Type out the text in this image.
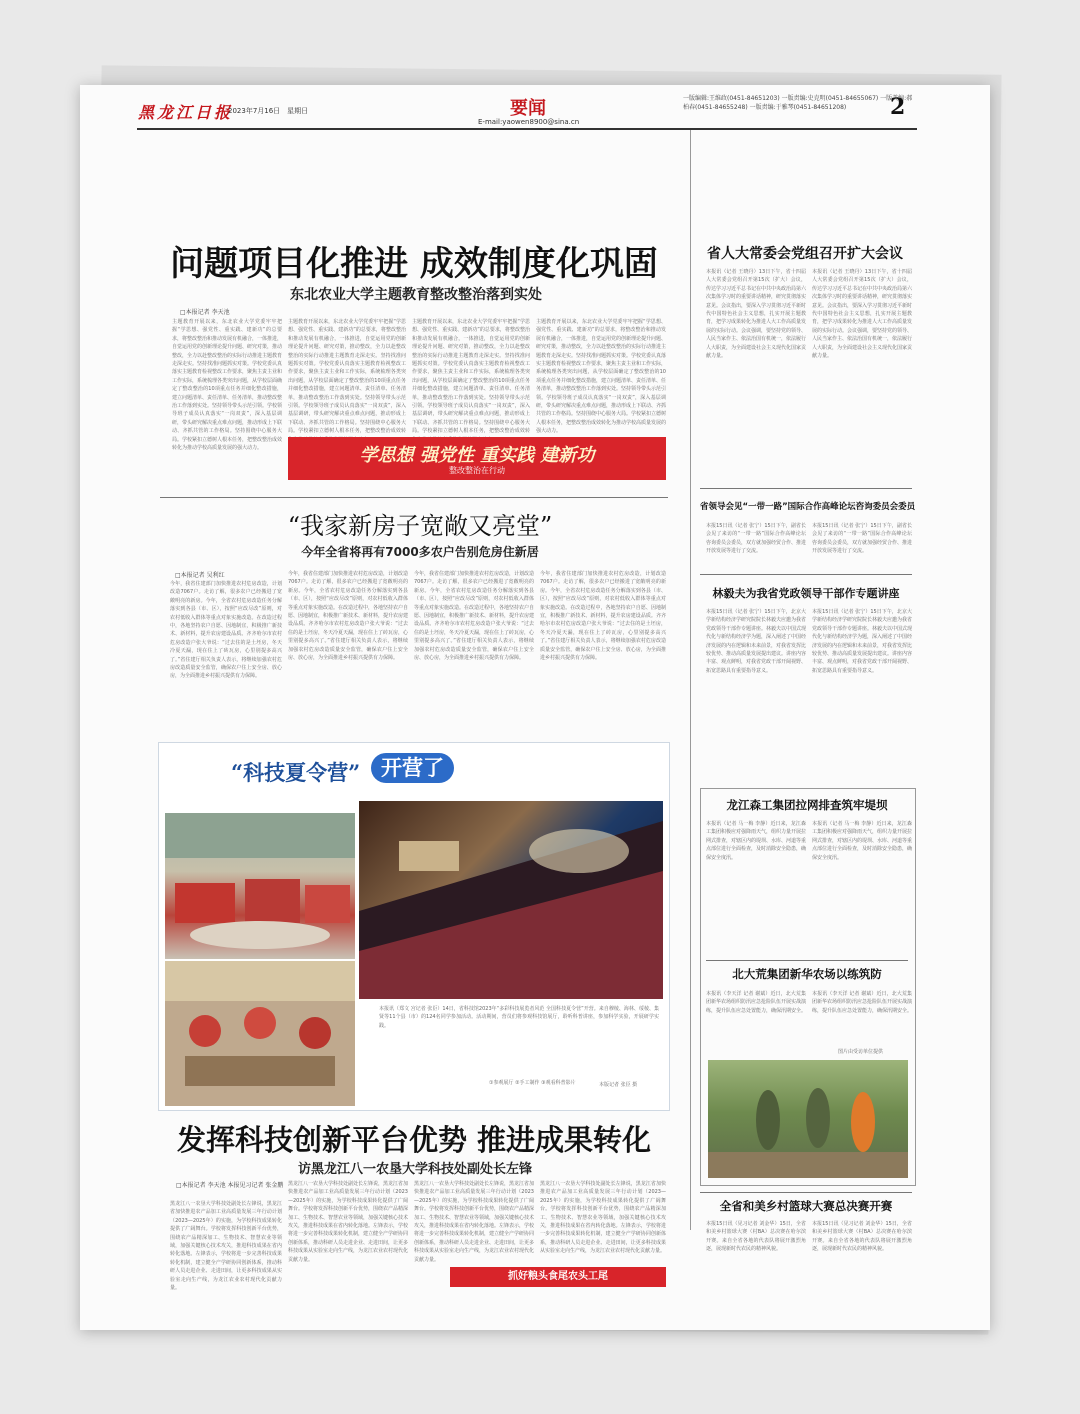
黑龙江日报
2023年7月16日　星期日	要闻
E-mail:yaowen8900@sina.cn
一版编辑:王维政(0451-84651203) 一版责编:史克明(0451-84655067) 一版美编:郝柏春(0451-84655248) 一版责编:于雅琴(0451-84651208)	2
问题项目化推进 成效制度化巩固
东北农业大学主题教育整改整治落到实处
□本报记者 李天池

主题教育开展以来，东北农业大学党委牢牢把握“学思想、强党性、重实践、建新功”的总要求，将整改整治和推动发展有机融合，一体推进，自觉运用党的创新理论提升问题、研究对策，推动整改，全力以赴整改整治的实际行动推进主题教育走深走实。坚持找准问题抓实对策。学校党委认真落实主题教育检视整改工作要求，聚焦主责主业和工作实际，系统梳理各类突出问题，从学校层面确定了整改整治的10项重点任务并细化整改措施，建立问题清单、责任清单、任务清单，推动整改整治工作落到实处。坚持领导带头示范引领。学校领导班子成员认真落实“一岗双责”，深入基层调研，带头研究解决重点难点问题，推动形成上下联动、齐抓共管的工作格局。坚持围绕中心服务大局。学校紧扣立德树人根本任务，把整改整治成效转化为推动学校高质量发展的强大动力。

主题教育开展以来，东北农业大学党委牢牢把握“学思想、强党性、重实践、建新功”的总要求，将整改整治和推动发展有机融合，一体推进，自觉运用党的创新理论提升问题、研究对策，推动整改，全力以赴整改整治的实际行动推进主题教育走深走实。坚持找准问题抓实对策。学校党委认真落实主题教育检视整改工作要求，聚焦主责主业和工作实际，系统梳理各类突出问题，从学校层面确定了整改整治的10项重点任务并细化整改措施，建立问题清单、责任清单、任务清单，推动整改整治工作落到实处。坚持领导带头示范引领。学校领导班子成员认真落实“一岗双责”，深入基层调研，带头研究解决重点难点问题，推动形成上下联动、齐抓共管的工作格局。坚持围绕中心服务大局。学校紧扣立德树人根本任务，把整改整治成效转

主题教育开展以来，东北农业大学党委牢牢把握“学思想、强党性、重实践、建新功”的总要求，将整改整治和推动发展有机融合，一体推进，自觉运用党的创新理论提升问题、研究对策，推动整改，全力以赴整改整治的实际行动推进主题教育走深走实。坚持找准问题抓实对策。学校党委认真落实主题教育检视整改工作要求，聚焦主责主业和工作实际，系统梳理各类突出问题，从学校层面确定了整改整治的10项重点任务并细化整改措施，建立问题清单、责任清单、任务清单，推动整改整治工作落到实处。坚持领导带头示范引领。学校领导班子成员认真落实“一岗双责”，深入基层调研，带头研究解决重点难点问题，推动形成上下联动、齐抓共管的工作格局。坚持围绕中心服务大局。学校紧扣立德树人根本任务，把整改整治成效转

主题教育开展以来，东北农业大学党委牢牢把握“学思想、强党性、重实践、建新功”的总要求，将整改整治和推动发展有机融合，一体推进，自觉运用党的创新理论提升问题、研究对策，推动整改，全力以赴整改整治的实际行动推进主题教育走深走实。坚持找准问题抓实对策。学校党委认真落实主题教育检视整改工作要求，聚焦主责主业和工作实际，系统梳理各类突出问题，从学校层面确定了整改整治的10项重点任务并细化整改措施，建立问题清单、责任清单、任务清单，推动整改整治工作落到实处。坚持领导带头示范引领。学校领导班子成员认真落实“一岗双责”，深入基层调研，带头研究解决重点难点问题，推动形成上下联动、齐抓共管的工作格局。坚持围绕中心服务大局。学校紧扣立德树人根本任务，把整改整治成效转化为推动学校高质量发展的强大动力。

学思想 强党性 重实践 建新功
整改整治在行动
“我家新房子宽敞又亮堂”
今年全省将再有7000多农户告别危房住新居
□本报记者 吴利红

今年，我省住建部门加快推进农村危房改造，计划改造7067户。走访了解，很多农户已经搬进了宽敞明亮的新房。今年，全省农村危房改造任务分解落实到各县（市、区），按照“应改尽改”原则，对农村低收入群体等重点对象实施改造。在改造过程中，各地坚持农户自愿、因地制宜，积极推广新技术、新材料，提升农房建设品质。齐齐哈尔市农村危房改造户张大爷说：“过去住的是土坯房，冬天冷夏天漏，现在住上了砖瓦房，心里别提多高兴了。”省住建厅相关负责人表示，将继续加强农村危房改造质量安全监管，确保农户住上安全房、放心房，为全面推进乡村振兴提供有力保障。

今年，我省住建部门加快推进农村危房改造，计划改造7067户。走访了解，很多农户已经搬进了宽敞明亮的新房。今年，全省农村危房改造任务分解落实到各县（市、区），按照“应改尽改”原则，对农村低收入群体等重点对象实施改造。在改造过程中，各地坚持农户自愿、因地制宜，积极推广新技术、新材料，提升农房建设品质。齐齐哈尔市农村危房改造户张大爷说：“过去住的是土坯房，冬天冷夏天漏，现在住上了砖瓦房，心里别提多高兴了。”省住建厅相关负责人表示，将继续加强农村危房改造质量安全监管，确保农户住上安全房、放心房，为全面推进乡村振兴提供有力保障。

今年，我省住建部门加快推进农村危房改造，计划改造7067户。走访了解，很多农户已经搬进了宽敞明亮的新房。今年，全省农村危房改造任务分解落实到各县（市、区），按照“应改尽改”原则，对农村低收入群体等重点对象实施改造。在改造过程中，各地坚持农户自愿、因地制宜，积极推广新技术、新材料，提升农房建设品质。齐齐哈尔市农村危房改造户张大爷说：“过去住的是土坯房，冬天冷夏天漏，现在住上了砖瓦房，心里别提多高兴了。”省住建厅相关负责人表示，将继续加强农村危房改造质量安全监管，确保农户住上安全房、放心房，为全面推进乡村振兴提供有力保障。

今年，我省住建部门加快推进农村危房改造，计划改造7067户。走访了解，很多农户已经搬进了宽敞明亮的新房。今年，全省农村危房改造任务分解落实到各县（市、区），按照“应改尽改”原则，对农村低收入群体等重点对象实施改造。在改造过程中，各地坚持农户自愿、因地制宜，积极推广新技术、新材料，提升农房建设品质。齐齐哈尔市农村危房改造户张大爷说：“过去住的是土坯房，冬天冷夏天漏，现在住上了砖瓦房，心里别提多高兴了。”省住建厅相关负责人表示，将继续加强农村危房改造质量安全监管，确保农户住上安全房、放心房，为全面推进乡村振兴提供有力保障。

“科技夏令营” 开营了

本报讯（郑文 宫记者 张臣）14日，省科技馆2023年“多彩科技展览者风范 全国科技夏令营”开营。来自穆棱、海林、绥棱、集贤等11个县（市）的124名同学参加活动。活动期间，营员们将参观科技馆展厅，聆听科普讲座，参加科学实验，开展研学实践。

①参观展厅 ②手工制作 ③观看科普影片	本版记者 张臣 摄
发挥科技创新平台优势 推进成果转化
访黑龙江八一农垦大学科技处副处长左锋
□本报记者 李天池 本报见习记者 张金鹏

黑龙江八一农垦大学科技处副处长左锋说，黑龙江省加快推进农产品加工业高质量发展三年行动计划（2023—2025年）的实施，为学校科技成果转化提供了广阔舞台。学校将发挥科技创新平台优势，围绕农产品精深加工、生物技术、智慧农业等领域，加强关键核心技术攻关，推进科技成果在省内转化落地。左锋表示，学校将进一步完善科技成果转化机制，建立健全产学研协同创新体系，推动科研人员走进企业、走进田间，让更多科技成果从实验室走向生产线，为龙江农业农村现代化贡献力量。

黑龙江八一农垦大学科技处副处长左锋说，黑龙江省加快推进农产品加工业高质量发展三年行动计划（2023—2025年）的实施，为学校科技成果转化提供了广阔舞台。学校将发挥科技创新平台优势，围绕农产品精深加工、生物技术、智慧农业等领域，加强关键核心技术攻关，推进科技成果在省内转化落地。左锋表示，学校将进一步完善科技成果转化机制，建立健全产学研协同创新体系，推动科研人员走进企业、走进田间，让更多科技成果从实验室走向生产线，为龙江农业农村现代化贡献力量。

黑龙江八一农垦大学科技处副处长左锋说，黑龙江省加快推进农产品加工业高质量发展三年行动计划（2023—2025年）的实施，为学校科技成果转化提供了广阔舞台。学校将发挥科技创新平台优势，围绕农产品精深加工、生物技术、智慧农业等领域，加强关键核心技术攻关，推进科技成果在省内转化落地。左锋表示，学校将进一步完善科技成果转化机制，建立健全产学研协同创新体系，推动科研人员走进企业、走进田间，让更多科技成果从实验室走向生产线，为龙江农业农村现代化贡献力量。

黑龙江八一农垦大学科技处副处长左锋说，黑龙江省加快推进农产品加工业高质量发展三年行动计划（2023—2025年）的实施，为学校科技成果转化提供了广阔舞台。学校将发挥科技创新平台优势，围绕农产品精深加工、生物技术、智慧农业等领域，加强关键核心技术攻关，推进科技成果在省内转化落地。左锋表示，学校将进一步完善科技成果转化机制，建立健全产学研协同创新体系，推动科研人员走进企业、走进田间，让更多科技成果从实验室走向生产线，为龙江农业农村现代化贡献力量。

抓好粮头食尾农头工尾
省人大常委会党组召开扩大会议

本报讯（记者 王晓丹）13日下午，省十四届人大常委会党组召开第15次（扩大）会议，传达学习习近平总书记在中共中央政治局第六次集体学习时的重要讲话精神，研究贯彻落实意见。会议指出，要深入学习贯彻习近平新时代中国特色社会主义思想，扎实开展主题教育，把学习成果转化为推进人大工作高质量发展的实际行动。会议强调，要坚持党的领导、人民当家作主、依法治国有机统一，依法履行人大职责，为全面建设社会主义现代化国家贡献力量。

本报讯（记者 王晓丹）13日下午，省十四届人大常委会党组召开第15次（扩大）会议，传达学习习近平总书记在中共中央政治局第六次集体学习时的重要讲话精神，研究贯彻落实意见。会议指出，要深入学习贯彻习近平新时代中国特色社会主义思想，扎实开展主题教育，把学习成果转化为推进人大工作高质量发展的实际行动。会议强调，要坚持党的领导、人民当家作主、依法治国有机统一，依法履行人大职责，为全面建设社会主义现代化国家贡献力量。

省领导会见“一带一路”国际合作高峰论坛咨询委员会委员

本报15日讯（记者 张宁）15日下午，副省长会见了来访的“一带一路”国际合作高峰论坛咨询委员会委员，双方就加强经贸合作、推进开放发展等进行了交流。

本报15日讯（记者 张宁）15日下午，副省长会见了来访的“一带一路”国际合作高峰论坛咨询委员会委员，双方就加强经贸合作、推进开放发展等进行了交流。

林毅夫为我省党政领导干部作专题讲座

本报15日讯（记者 张宁）15日下午，北京大学新结构经济学研究院院长林毅夫应邀为我省党政领导干部作专题讲座。林毅夫以中国式现代化与新结构经济学为题，深入阐述了中国经济发展的内在逻辑和未来前景，对我省发挥比较优势、推动高质量发展提出建议。讲座内容丰富、观点鲜明，对我省党政干部开阔视野、拓宽思路具有重要指导意义。

本报15日讯（记者 张宁）15日下午，北京大学新结构经济学研究院院长林毅夫应邀为我省党政领导干部作专题讲座。林毅夫以中国式现代化与新结构经济学为题，深入阐述了中国经济发展的内在逻辑和未来前景，对我省发挥比较优势、推动高质量发展提出建议。讲座内容丰富、观点鲜明，对我省党政干部开阔视野、拓宽思路具有重要指导意义。

龙江森工集团拉网排查筑牢堤坝

本报讯（记者 马一梅 李静）近日来，龙江森工集团积极应对强降雨天气，组织力量开展拉网式排查，对辖区内的堤坝、水库、河道等重点部位进行全面检查，及时消除安全隐患，确保安全度汛。

本报讯（记者 马一梅 李静）近日来，龙江森工集团积极应对强降雨天气，组织力量开展拉网式排查，对辖区内的堤坝、水库、河道等重点部位进行全面检查，及时消除安全隐患，确保安全度汛。

北大荒集团新华农场以练筑防

本报讯（李天洋 记者 谢斌）近日，北大荒集团新华农场组织防汛应急抢险队伍开展实战演练，提升队伍应急处置能力，确保汛期安全。

本报讯（李天洋 记者 谢斌）近日，北大荒集团新华农场组织防汛应急抢险队伍开展实战演练，提升队伍应急处置能力，确保汛期安全。

图片由受访单位提供
全省和美乡村篮球大赛总决赛开赛

本报15日讯（见习记者 刘金华）15日，全省和美乡村篮球大赛（村BA）总决赛在哈尔滨开赛。来自全省各地的代表队将展开激烈角逐，展现新时代农民的精神风貌。

本报15日讯（见习记者 刘金华）15日，全省和美乡村篮球大赛（村BA）总决赛在哈尔滨开赛。来自全省各地的代表队将展开激烈角逐，展现新时代农民的精神风貌。
